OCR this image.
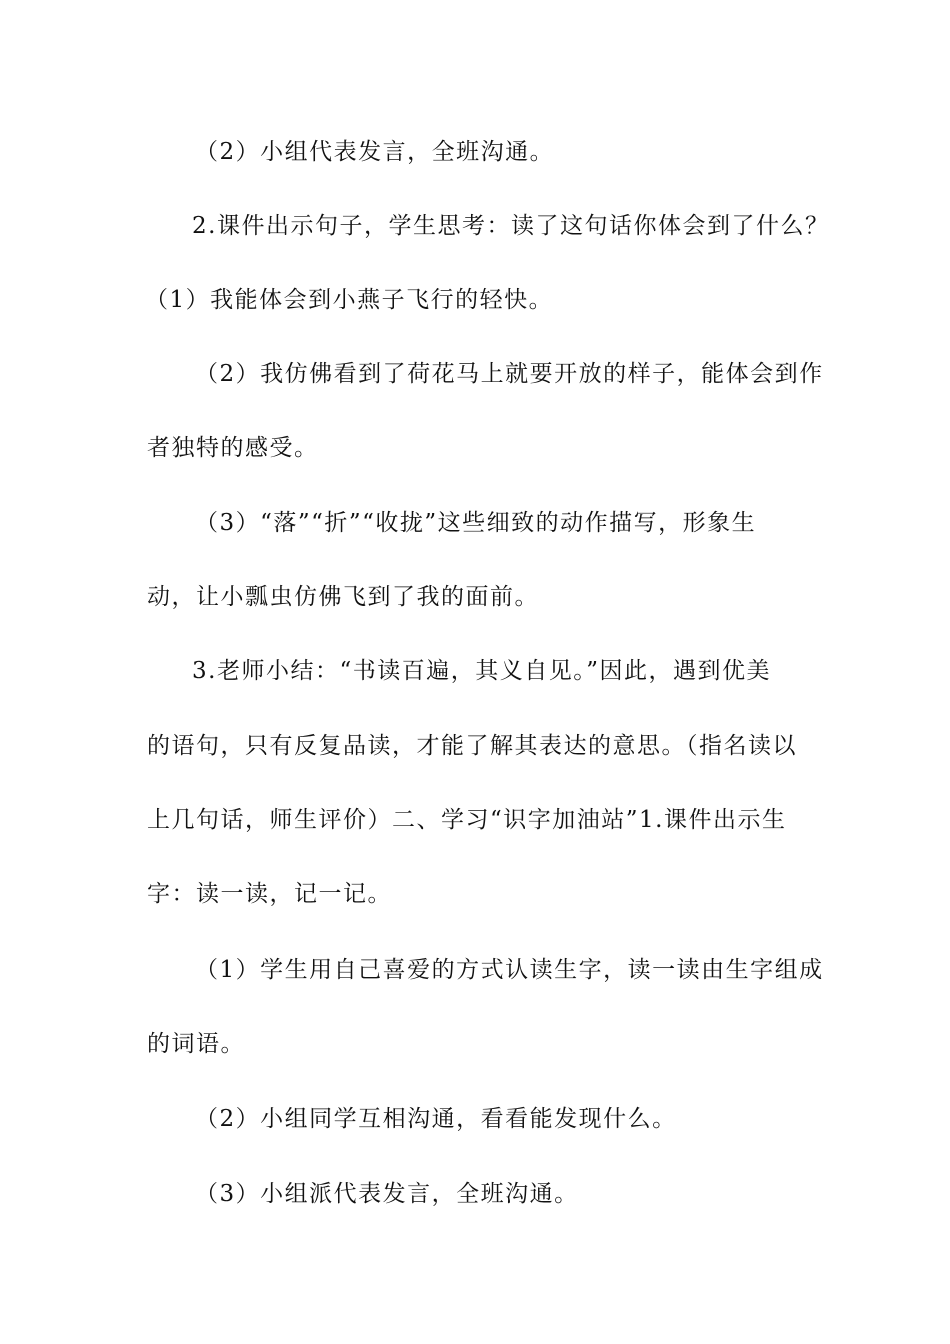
（2）小组代表发言，全班沟通。
2.课件出示句子，学生思考：读了这句话你体会到了什么？
（1）我能体会到小燕子飞行的轻快。
（2）我仿佛看到了荷花马上就要开放的样子，能体会到作
者独特的感受。
（3）“落”“折”“收拢”这些细致的动作描写，形象生
动，让小瓢虫仿佛飞到了我的面前。
3.老师小结：“书读百遍，其义自见。”因此，遇到优美
的语句，只有反复品读，才能了解其表达的意思。（指名读以
上几句话，师生评价）二、学习“识字加油站”1.课件出示生
字：读一读，记一记。
（1）学生用自己喜爱的方式认读生字，读一读由生字组成
的词语。
（2）小组同学互相沟通，看看能发现什么。
（3）小组派代表发言，全班沟通。
